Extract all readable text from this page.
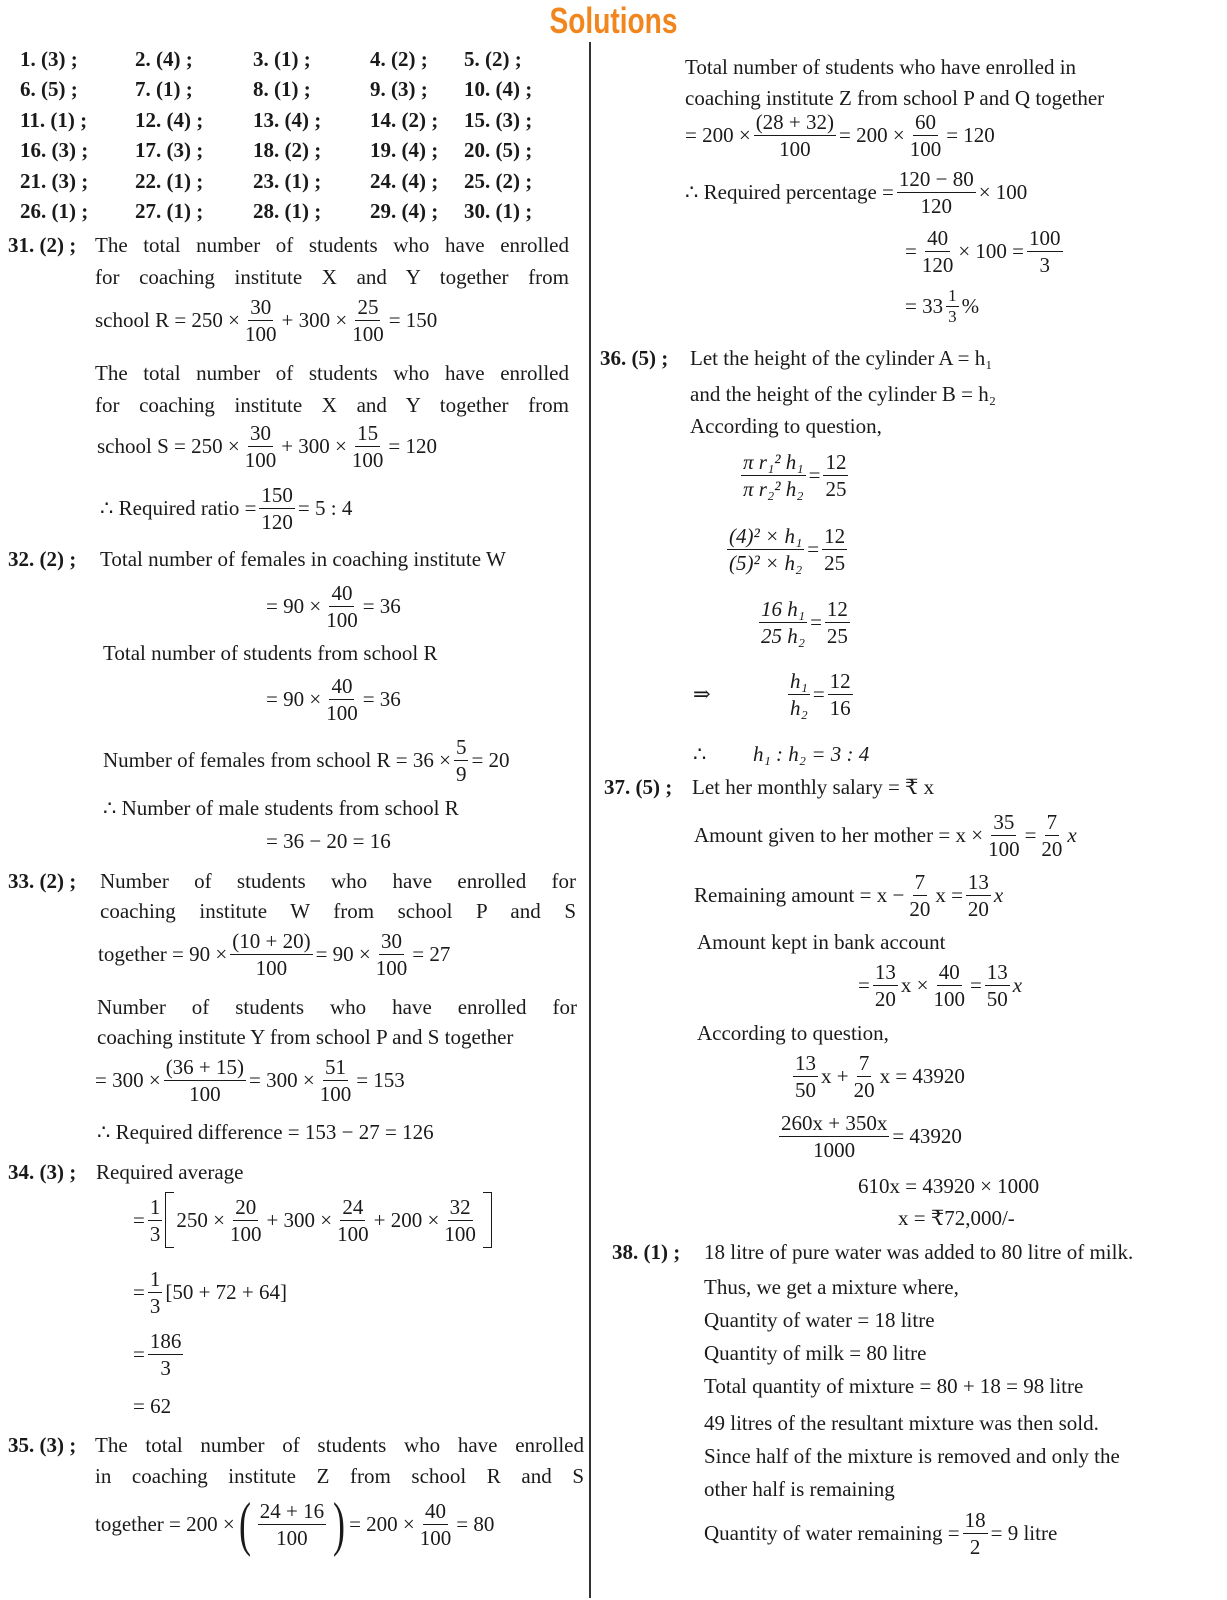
Solutions
1. (3) ;	2. (4) ;	3. (1) ;	4. (2) ; 5. (2) ;
6. (5) ;	7. (1) ;	8. (1) ;	9. (3) ; 10. (4) ;
11. (1) ; 12. (4) ; 13. (4) ; 14. (2) ; 15. (3) ;
16. (3) ; 17. (3) ; 18. (2) ; 19. (4) ; 20. (5) ;
21. (3) ; 22. (1) ; 23. (1) ; 24. (4) ; 25. (2) ;
26. (1) ; 27. (1) ; 28. (1) ; 29. (4) ; 30. (1) ;
31. (2) ; The total number of students who have enrolled
for coaching institute X and Y together from
school $R = 250 \times \frac{30}{100} + 300 \times \frac{25}{100} = 150$
The total number of students who have enrolled
for coaching institute X and Y together from
school $S = 250 \times \frac{30}{100} + 300 \times \frac{15}{100} = 120$
∴ Required ratio = $\frac{150}{120} = 5$ : 4
32. (2) ; Total number of females in coaching institute W
= $90 \times \frac{40}{100} = 36$
Total number of students from school R
= $90 \times \frac{40}{100} = 36$
Number of females from school $R = 36 \times \frac{5}{9} = 20$
∴ Number of male students from school R
= 36 − 20 = 16
33. (2) ; Number of students who have enrolled for
coaching institute W from school P and S
together = $90 \times \frac{(10 + 20)}{100} = 90 \times \frac{30}{100} = 27$
Number of students who have enrolled for
coaching institute Y from school P and S together
= $300 \times \frac{(36 + 15)}{100} = 300 \times \frac{51}{100} = 153$
∴ Required difference = 153 − 27 = 126
34. (3) ; Required average
= $\frac{1}{3} 250 \times \frac{20}{100} + 300 \times \frac{24}{100} + 200 \times \frac{32}{100}$
= $\frac{1}{3} [50 + 72 + 64]$
= $\frac{186}{3}$
= 62
35. (3) ; The total number of students who have enrolled
in coaching institute Z from school R and S
together = 200 × ( 24 + 16
100 ) = $200 \times \frac{40}{100} = 80$
Total number of students who have enrolled in
coaching institute Z from school P and Q together
= $200 \times \frac{(28 + 32)}{100} = 200 \times \frac{60}{100} = 120$
∴ Required percentage = $\frac{120 - 80}{120} \times 100$
= $\frac{40}{120} \times 100 = \frac{100}{3}$
= 33 1
3 %
36. (5) ; Let the height of the cylinder A = h₁
and the height of the cylinder B = h₂
According to question,
$\frac{\text{π r₁² h₁}}{\text{π r₂² h₂}} = \frac{12}{25}$
$\frac{\text{(4)² × h₁}}{\text{(5)² × h₂}} = \frac{12}{25}$
$\frac{\text{16 h₁}}{\text{25 h₂}} = \frac{12}{25}$
⇒	$\frac{\text{h₁}}{\text{h₂}} = \frac{12}{16}$
∴	h₁ : h₂ = 3 : 4
37. (5) ; Let her monthly salary = ₹ x
Amount given to her mother = $x \times \frac{35}{100} = \frac{7}{20}$ x
Remaining amount = $x - \frac{7}{20}$ $x = \frac{13}{20}$ x
Amount kept in bank account
= $\frac{13}{20}$ $x \times \frac{40}{100} = \frac{13}{50}$ x
According to question,
13
50
$x + \frac{7}{20}$ x = 43920
$\frac{260x + 350x}{1000} = 43920$
610x = 43920 × 1000
x = ₹72,000/-
38. (1) ; 18 litre of pure water was added to 80 litre of milk.
Thus, we get a mixture where,
Quantity of water = 18 litre
Quantity of milk = 80 litre
Total quantity of mixture = 80 + 18 = 98 litre
49 litres of the resultant mixture was then sold.
Since half of the mixture is removed and only the
other half is remaining
Quantity of water remaining = $\frac{18}{2} = 9$ litre
